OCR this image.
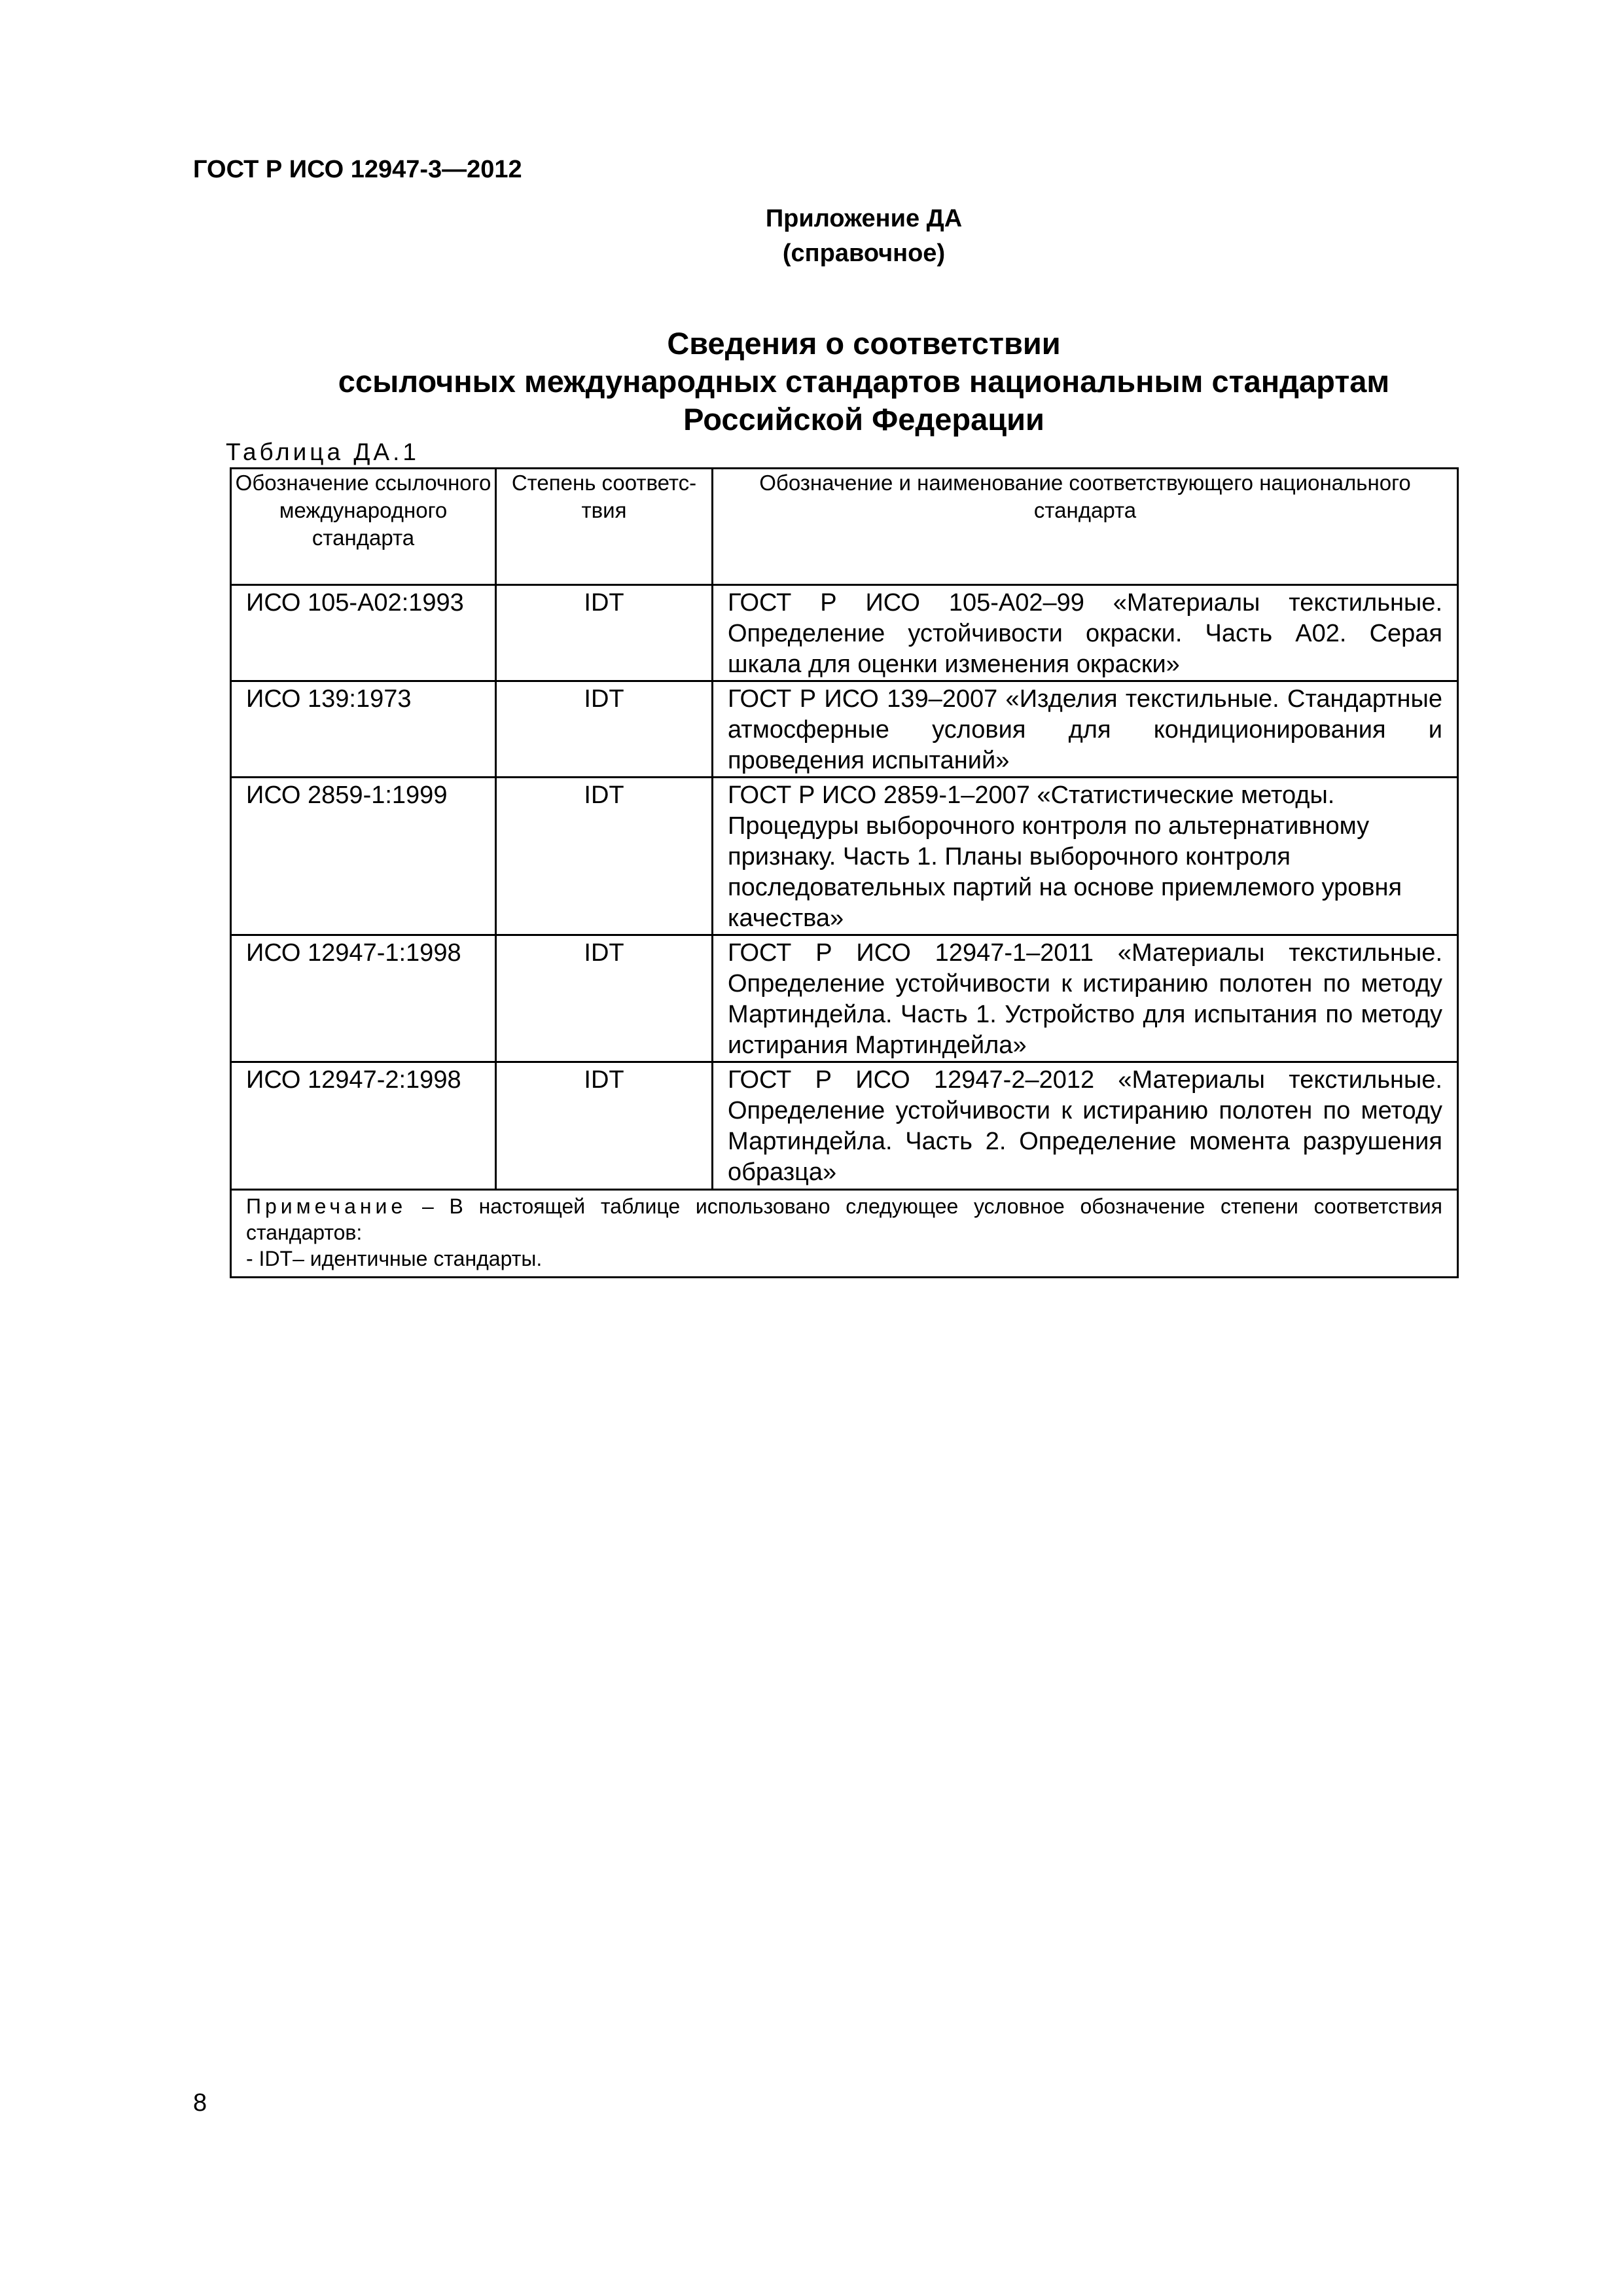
ГОСТ Р ИСО 12947-3—2012
Приложение ДА
(справочное)
Сведения о соответствии
ссылочных международных стандартов национальным стандартам
Российской Федерации
Таблица ДА.1
Обозначение ссылочного международного стандарта	Степень соответс- твия	Обозначение и наименование соответствующего национального стандарта
ИСО 105-А02:1993	IDT	ГОСТ Р ИСО 105-А02–99 «Материалы текстильные. Определение устойчивости окраски. Часть А02. Серая шкала для оценки изменения окраски»
ИСО 139:1973	IDT	ГОСТ Р ИСО 139–2007 «Изделия текстильные. Стандартные атмосферные условия для кондиционирования и проведения испытаний»
ИСО 2859-1:1999	IDT	ГОСТ Р ИСО 2859-1–2007 «Статистические методы. Процедуры выборочного контроля по альтернативному признаку. Часть 1. Планы выборочного контроля последовательных партий на основе приемлемого уровня качества»
ИСО 12947-1:1998	IDT	ГОСТ Р ИСО 12947-1–2011 «Материалы текстильные. Определение устойчивости к истиранию полотен по методу Мартиндейла. Часть 1. Устройство для испытания по методу истирания Мартиндейла»
ИСО 12947-2:1998	IDT	ГОСТ Р ИСО 12947-2–2012 «Материалы текстильные. Определение устойчивости к истиранию полотен по методу Мартиндейла. Часть 2. Определение момента разрушения образца»
Примечание – В настоящей таблице использовано следующее условное обозначение степени соответствия стандартов:
- IDT– идентичные стандарты.		
8
